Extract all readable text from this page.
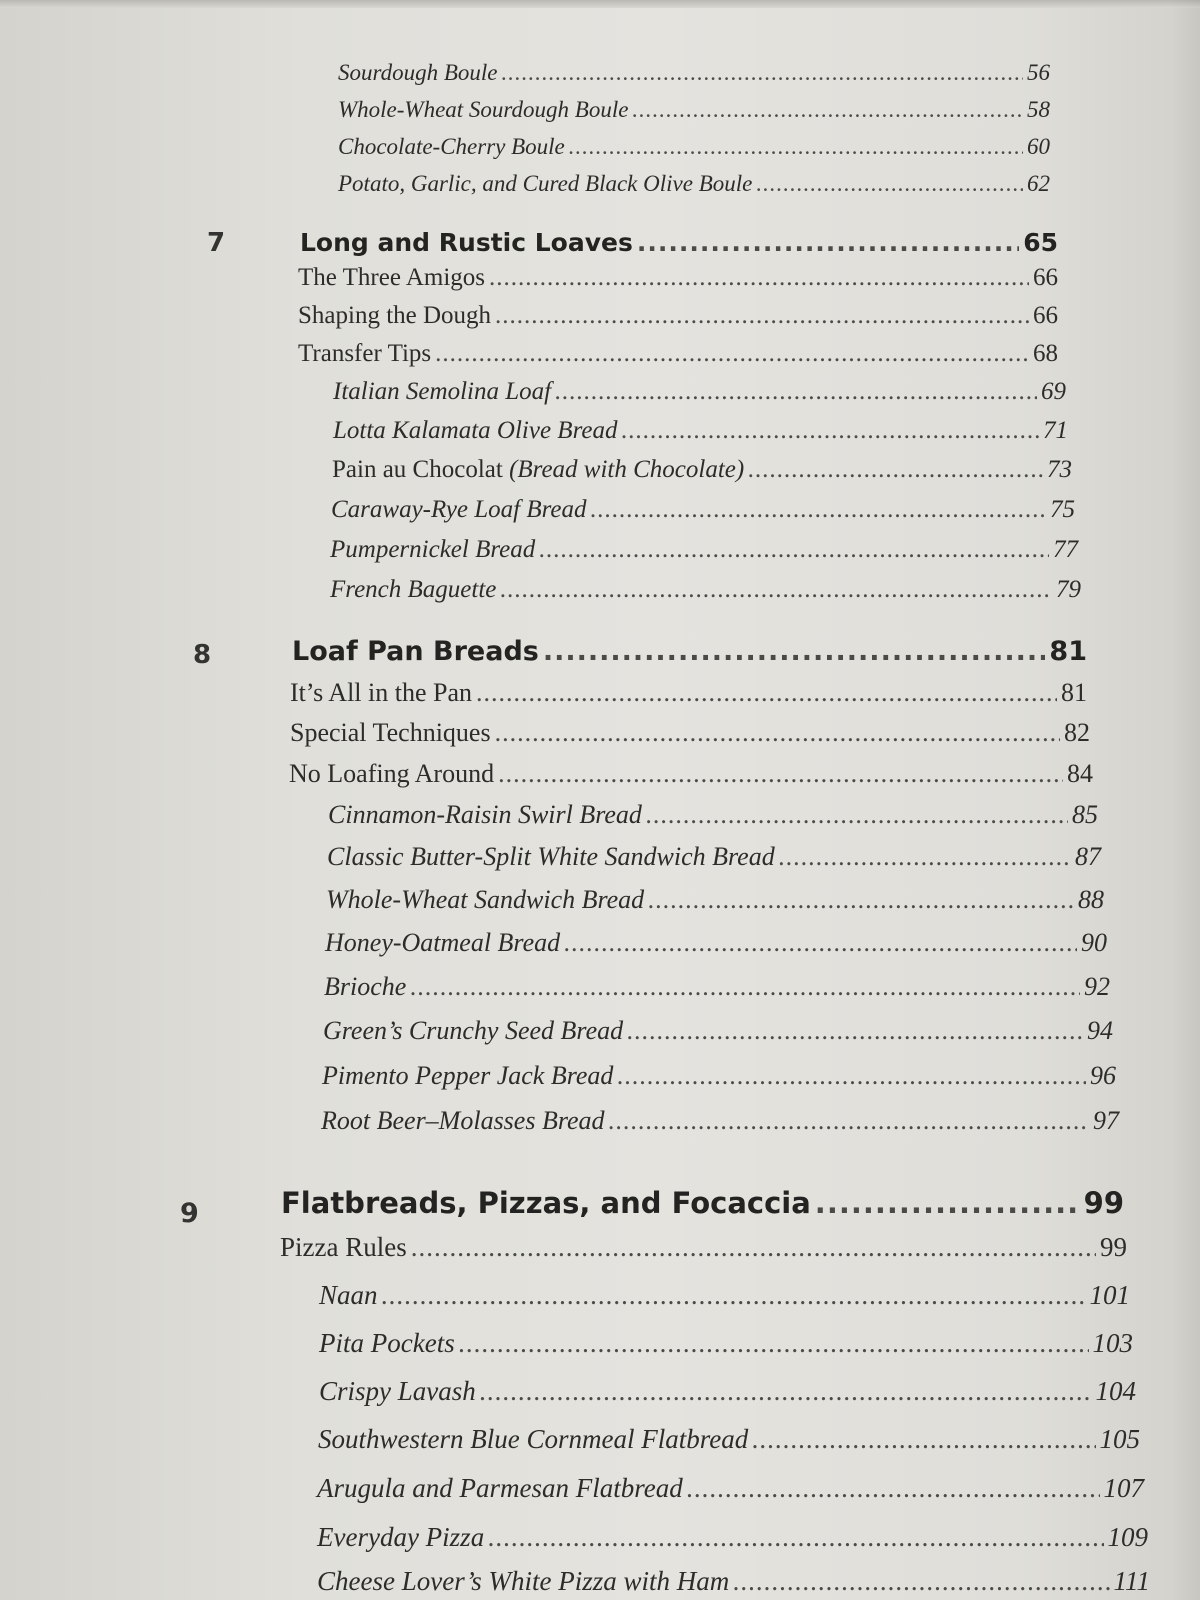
Sourdough Boule .....	56
Whole-Wheat Sourdough Boule .....	58
Chocolate-Cherry Boule .....	60
Potato, Garlic, and Cured Black Olive Boule .....	62
7	Long and Rustic Loaves .....	65
The Three Amigos .....	66
Shaping the Dough .....	66
Transfer Tips .....	68
Italian Semolina Loaf .....	69
Lotta Kalamata Olive Bread .....	71
Pain au Chocolat (Bread with Chocolate) .....	73
Caraway-Rye Loaf Bread .....	75
Pumpernickel Bread .....	77
French Baguette .....	79
8	Loaf Pan Breads .....	81
It’s All in the Pan .....	81
Special Techniques .....	82
No Loafing Around .....	84
Cinnamon-Raisin Swirl Bread .....	85
Classic Butter-Split White Sandwich Bread .....	87
Whole-Wheat Sandwich Bread .....	88
Honey-Oatmeal Bread .....	90
Brioche .....	92
Green’s Crunchy Seed Bread .....	94
Pimento Pepper Jack Bread .....	96
Root Beer–Molasses Bread .....	97
9	Flatbreads, Pizzas, and Focaccia .....	99
Pizza Rules .....	99
Naan .....	101
Pita Pockets .....	103
Crispy Lavash .....	104
Southwestern Blue Cornmeal Flatbread .....	105
Arugula and Parmesan Flatbread .....	107
Everyday Pizza .....	109
Cheese Lover’s White Pizza with Ham .....	111
